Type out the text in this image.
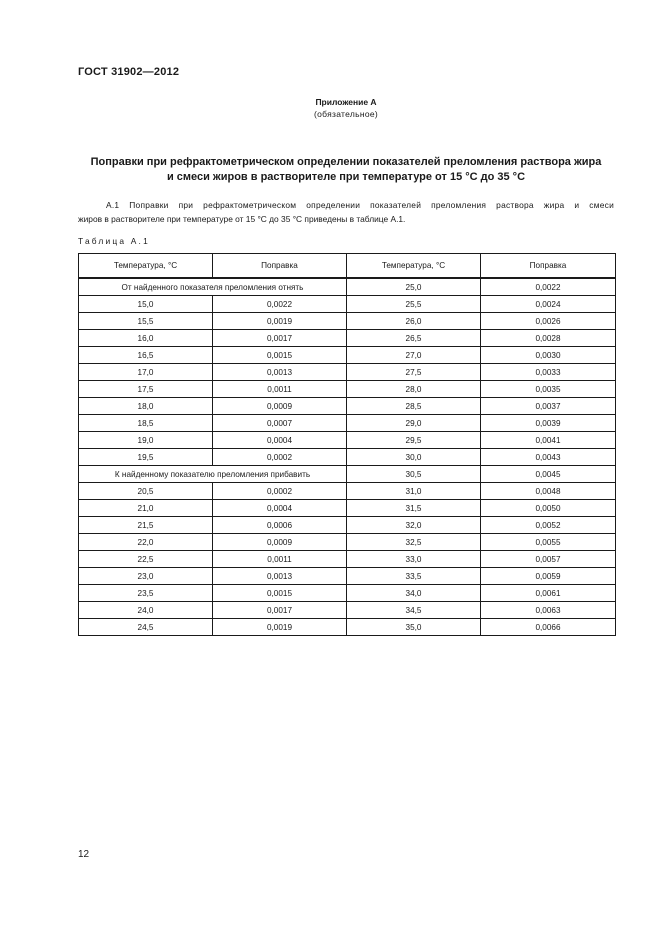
ГОСТ 31902—2012
Приложение А
(обязательное)
Поправки при рефрактометрическом определении показателей преломления раствора жира
и смеси жиров в растворителе при температуре от 15 °С до 35 °С
А.1 Поправки при рефрактометрическом определении показателей преломления раствора жира и смеси
жиров в растворителе при температуре от 15 °С до 35 °С приведены в таблице А.1.
Таблица А.1
Температура, °С	Поправка	Температура, °С	Поправка
От найденного показателя преломления отнять		25,0	0,0022
15,0	0,0022	25,5	0,0024
15,5	0,0019	26,0	0,0026
16,0	0,0017	26,5	0,0028
16,5	0,0015	27,0	0,0030
17,0	0,0013	27,5	0,0033
17,5	0,0011	28,0	0,0035
18,0	0,0009	28,5	0,0037
18,5	0,0007	29,0	0,0039
19,0	0,0004	29,5	0,0041
19,5	0,0002	30,0	0,0043
К найденному показателю преломления прибавить		30,5	0,0045
20,5	0,0002	31,0	0,0048
21,0	0,0004	31,5	0,0050
21,5	0,0006	32,0	0,0052
22,0	0,0009	32,5	0,0055
22,5	0,0011	33,0	0,0057
23,0	0,0013	33,5	0,0059
23,5	0,0015	34,0	0,0061
24,0	0,0017	34,5	0,0063
24,5	0,0019	35,0	0,0066
12
